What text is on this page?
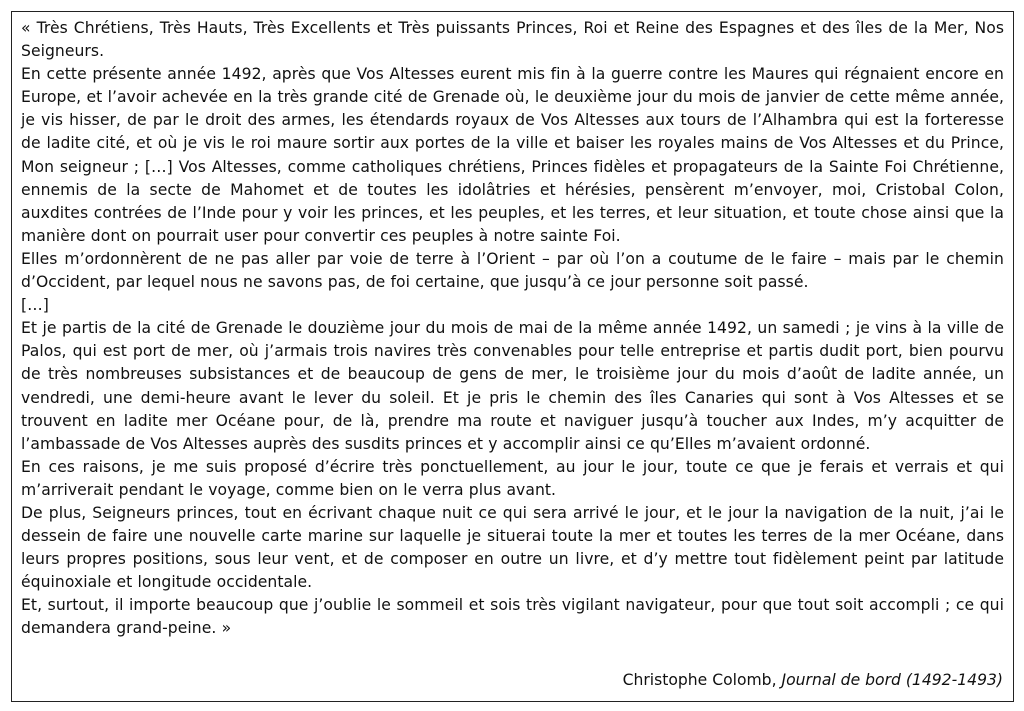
« Très Chrétiens, Très Hauts, Très Excellents et Très puissants Princes, Roi et Reine des Espagnes et des îles de la Mer, Nos Seigneurs.

En cette présente année 1492, après que Vos Altesses eurent mis fin à la guerre contre les Maures qui régnaient encore en Europe, et l’avoir achevée en la très grande cité de Grenade où, le deuxième jour du mois de janvier de cette même année, je vis hisser, de par le droit des armes, les étendards royaux de Vos Altesses aux tours de l’Alhambra qui est la forteresse de ladite cité, et où je vis le roi maure sortir aux portes de la ville et baiser les royales mains de Vos Altesses et du Prince, Mon seigneur ; […] Vos Altesses, comme catholiques chrétiens, Princes fidèles et propagateurs de la Sainte Foi Chrétienne, ennemis de la secte de Mahomet et de toutes les idolâtries et hérésies, pensèrent m’envoyer, moi, Cristobal Colon, auxdites contrées de l’Inde pour y voir les princes, et les peuples, et les terres, et leur situation, et toute chose ainsi que la manière dont on pourrait user pour convertir ces peuples à notre sainte Foi.

Elles m’ordonnèrent de ne pas aller par voie de terre à l’Orient – par où l’on a coutume de le faire – mais par le chemin d’Occident, par lequel nous ne savons pas, de foi certaine, que jusqu’à ce jour personne soit passé.

[…]

Et je partis de la cité de Grenade le douzième jour du mois de mai de la même année 1492, un samedi ; je vins à la ville de Palos, qui est port de mer, où j’armais trois navires très convenables pour telle entreprise et partis dudit port, bien pourvu de très nombreuses subsistances et de beaucoup de gens de mer, le troisième jour du mois d’août de ladite année, un vendredi, une demi-heure avant le lever du soleil. Et je pris le chemin des îles Canaries qui sont à Vos Altesses et se trouvent en ladite mer Océane pour, de là, prendre ma route et naviguer jusqu’à toucher aux Indes, m’y acquitter de l’ambassade de Vos Altesses auprès des susdits princes et y accomplir ainsi ce qu’Elles m’avaient ordonné.

En ces raisons, je me suis proposé d’écrire très ponctuellement, au jour le jour, toute ce que je ferais et verrais et qui m’arriverait pendant le voyage, comme bien on le verra plus avant.

De plus, Seigneurs princes, tout en écrivant chaque nuit ce qui sera arrivé le jour, et le jour la navigation de la nuit, j’ai le dessein de faire une nouvelle carte marine sur laquelle je situerai toute la mer et toutes les terres de la mer Océane, dans leurs propres positions, sous leur vent, et de composer en outre un livre, et d’y mettre tout fidèlement peint par latitude équinoxiale et longitude occidentale.

Et, surtout, il importe beaucoup que j’oublie le sommeil et sois très vigilant navigateur, pour que tout soit accompli ; ce qui demandera grand-peine. »

Christophe Colomb, Journal de bord (1492-1493)
